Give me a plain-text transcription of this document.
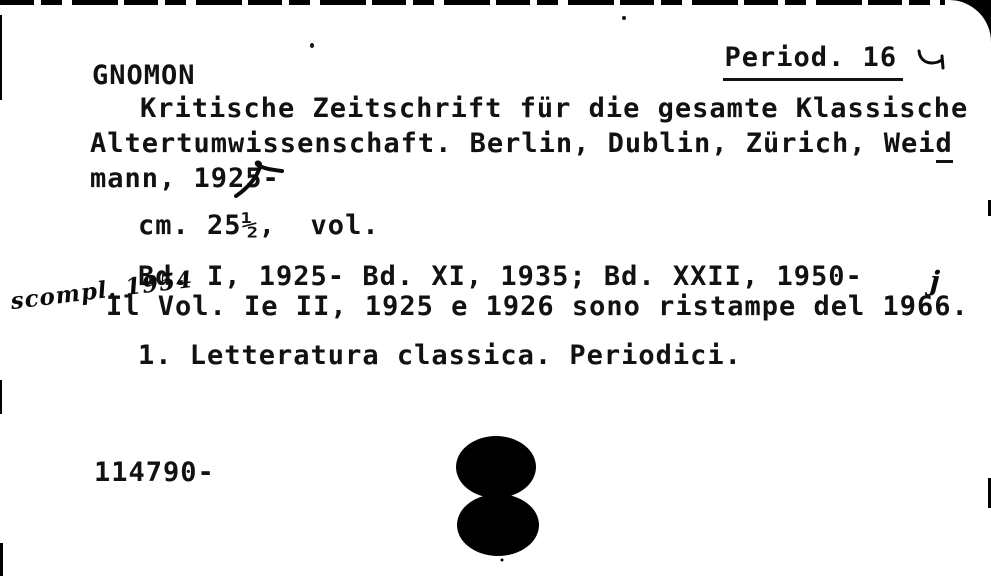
Period. 16

GNOMON
Kritische Zeitschrift für die gesamte Klassische
Altertumwissenschaft. Berlin, Dublin, Zürich, Weid
mann, 1925-
cm. 25½,  vol.
Bd. I, 1925- Bd. XI, 1935; Bd. XXII, 1950-
scompl. 1954
Il Vol. Ie II, 1925 e 1926 sono ristampe del 1966.
j
1. Letteratura classica. Periodici.
114790-
